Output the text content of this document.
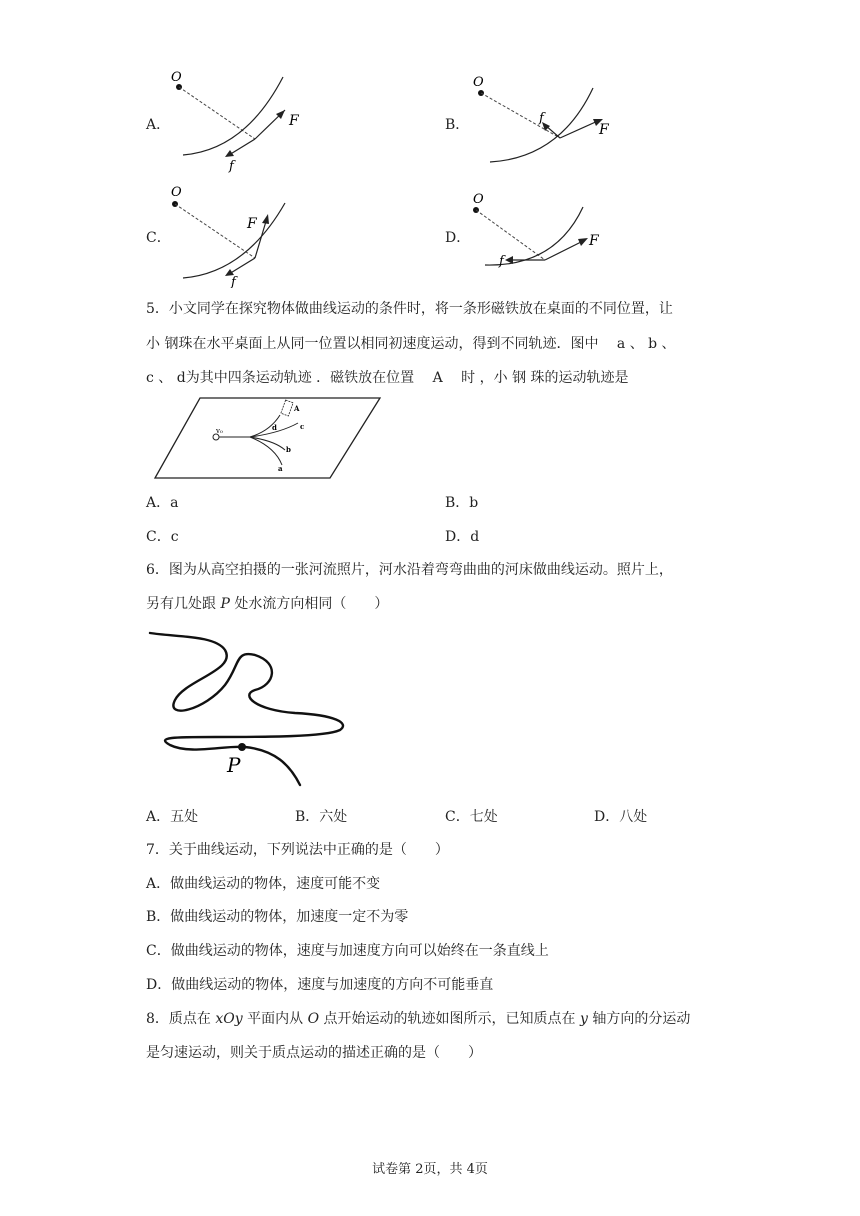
A．
O
F
f
B．
O
F
f
C．
O
F
f
D．
O
F
f
5．小文同学在探究物体做曲线运动的条件时，将一条形磁铁放在桌面的不同位置，让
小 钢珠在水平桌面上从同一位置以相同初速度运动，得到不同轨迹．图中　 a 、 b 、
c 、 d为其中四条运动轨迹 ．磁铁放在位置　 A　 时 ，小 钢 珠的运动轨迹是
v₀
A
c
d
b
a
A．a	B．b
C．c	D．d
6．图为从高空拍摄的一张河流照片，河水沿着弯弯曲曲的河床做曲线运动。照片上，
另有几处跟 P 处水流方向相同（　　）
P
A．五处	B．六处	C．七处	D．八处
7．关于曲线运动，下列说法中正确的是（　　）
A．做曲线运动的物体，速度可能不变
B．做曲线运动的物体，加速度一定不为零
C．做曲线运动的物体，速度与加速度方向可以始终在一条直线上
D．做曲线运动的物体，速度与加速度的方向不可能垂直
8．质点在 xOy 平面内从 O 点开始运动的轨迹如图所示，已知质点在 y 轴方向的分运动
是匀速运动，则关于质点运动的描述正确的是（　　）
试卷第 2页，共 4页
